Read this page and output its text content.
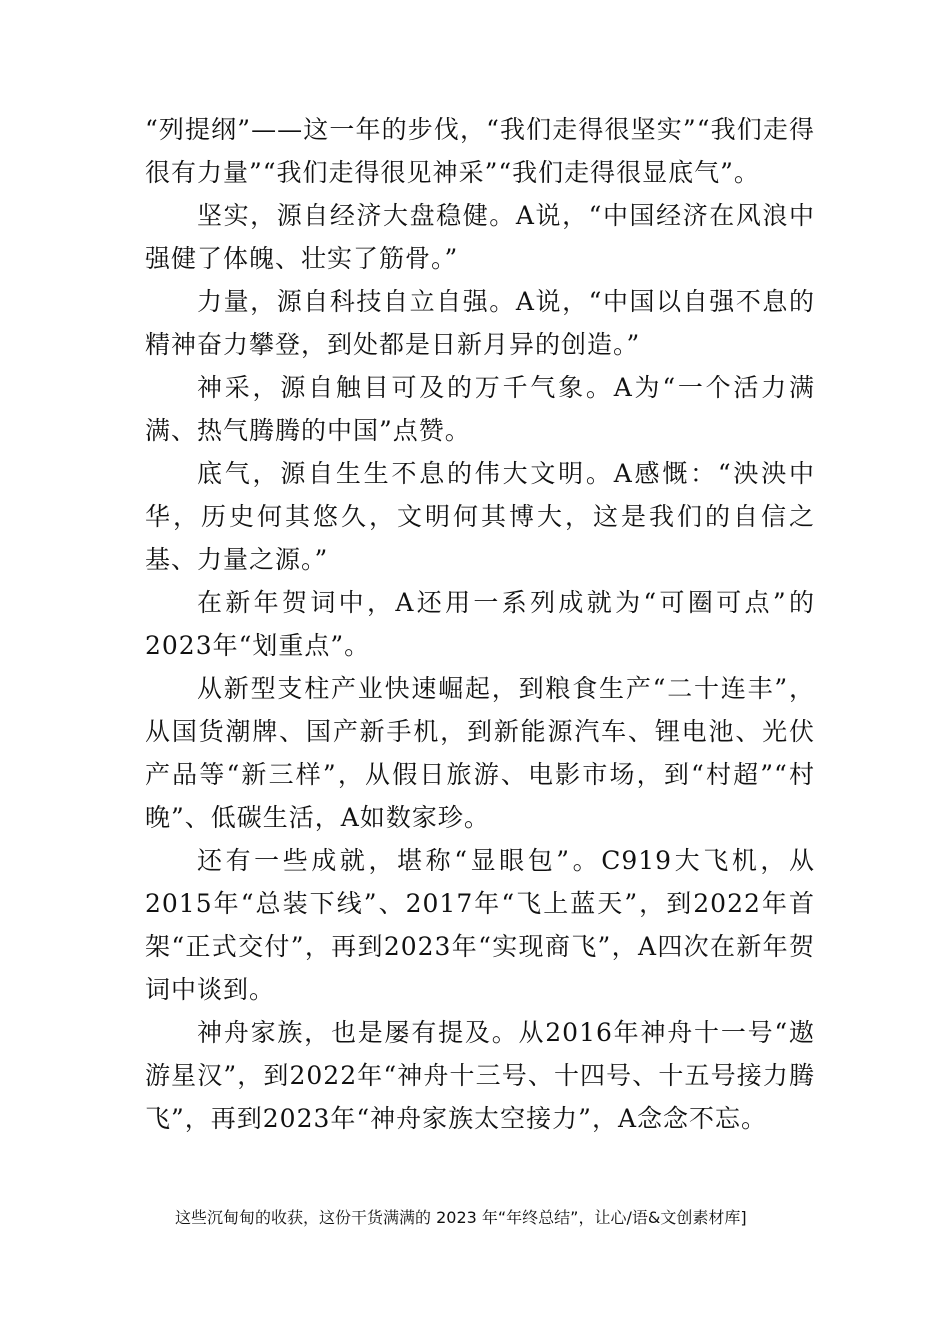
“列提纲”——这一年的步伐，“我们走得很坚实”“我们走得很有力量”“我们走得很见神采”“我们走得很显底气”。

坚实，源自经济大盘稳健。A说，“中国经济在风浪中强健了体魄、壮实了筋骨。”

力量，源自科技自立自强。A说，“中国以自强不息的精神奋力攀登，到处都是日新月异的创造。”

神采，源自触目可及的万千气象。A为“一个活力满满、热气腾腾的中国”点赞。

底气，源自生生不息的伟大文明。A感慨：“泱泱中华，历史何其悠久，文明何其博大，这是我们的自信之基、力量之源。”

在新年贺词中，A还用一系列成就为“可圈可点”的2023年“划重点”。

从新型支柱产业快速崛起，到粮食生产“二十连丰”，从国货潮牌、国产新手机，到新能源汽车、锂电池、光伏产品等“新三样”，从假日旅游、电影市场，到“村超”“村晚”、低碳生活，A如数家珍。

还有一些成就，堪称“显眼包”。C919大飞机，从2015年“总装下线”、2017年“飞上蓝天”，到2022年首架“正式交付”，再到2023年“实现商飞”，A四次在新年贺词中谈到。

神舟家族，也是屡有提及。从2016年神舟十一号“遨游星汉”，到2022年“神舟十三号、十四号、十五号接力腾飞”，再到2023年“神舟家族太空接力”，A念念不忘。

这些沉甸甸的收获，这份干货满满的 2023 年“年终总结”，让心/语&文创素材库]
